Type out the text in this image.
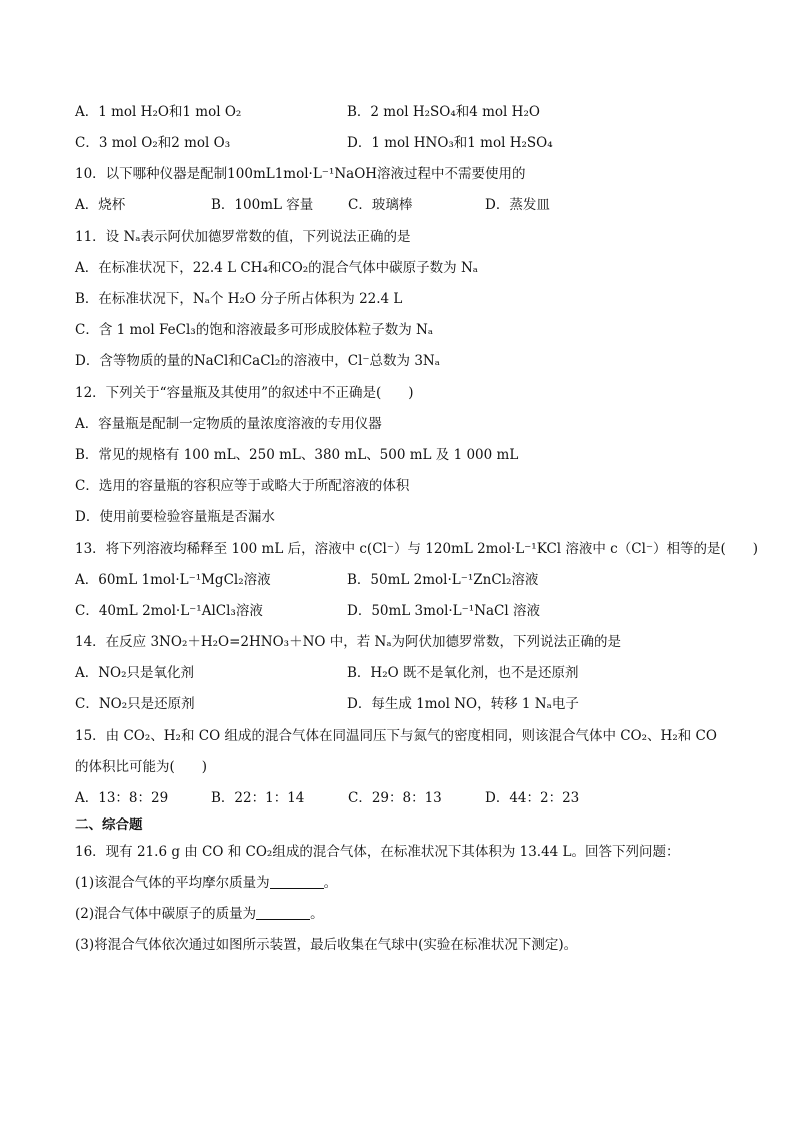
A．1 mol H₂O和1 mol O₂	B．2 mol H₂SO₄和4 mol H₂O
C．3 mol O₂和2 mol O₃	D．1 mol HNO₃和1 mol H₂SO₄
10．以下哪种仪器是配制100mL1mol·L⁻¹NaOH溶液过程中不需要使用的
A．烧杯	B．100mL 容量	C．玻璃棒	D．蒸发皿
11．设 Nₐ表示阿伏加德罗常数的值，下列说法正确的是
A．在标准状况下，22.4 L CH₄和CO₂的混合气体中碳原子数为 Nₐ
B．在标准状况下，Nₐ个 H₂O 分子所占体积为 22.4 L
C．含 1 mol FeCl₃的饱和溶液最多可形成胶体粒子数为 Nₐ
D．含等物质的量的NaCl和CaCl₂的溶液中，Cl⁻总数为 3Nₐ
12．下列关于“容量瓶及其使用”的叙述中不正确是(　　)
A．容量瓶是配制一定物质的量浓度溶液的专用仪器
B．常见的规格有 100 mL、250 mL、380 mL、500 mL 及 1 000 mL
C．选用的容量瓶的容积应等于或略大于所配溶液的体积
D．使用前要检验容量瓶是否漏水
13．将下列溶液均稀释至 100 mL 后，溶液中 c(Cl⁻）与 120mL 2mol·L⁻¹KCl 溶液中 c（Cl⁻）相等的是(　　)
A．60mL 1mol·L⁻¹MgCl₂溶液	B．50mL 2mol·L⁻¹ZnCl₂溶液
C．40mL 2mol·L⁻¹AlCl₃溶液	D．50mL 3mol·L⁻¹NaCl 溶液
14．在反应 3NO₂＋H₂O=2HNO₃＋NO 中，若 Nₐ为阿伏加德罗常数，下列说法正确的是
A．NO₂只是氧化剂	B．H₂O 既不是氧化剂，也不是还原剂
C．NO₂只是还原剂	D．每生成 1mol NO，转移 1 Nₐ电子
15．由 CO₂、H₂和 CO 组成的混合气体在同温同压下与氮气的密度相同，则该混合气体中 CO₂、H₂和 CO
的体积比可能为(　　)
A．13：8：29	B．22：1：14	C．29：8：13	D．44：2：23
二、综合题
16．现有 21.6 g 由 CO 和 CO₂组成的混合气体，在标准状况下其体积为 13.44 L。回答下列问题：
(1)该混合气体的平均摩尔质量为	。
(2)混合气体中碳原子的质量为	。
(3)将混合气体依次通过如图所示装置，最后收集在气球中(实验在标准状况下测定)。
